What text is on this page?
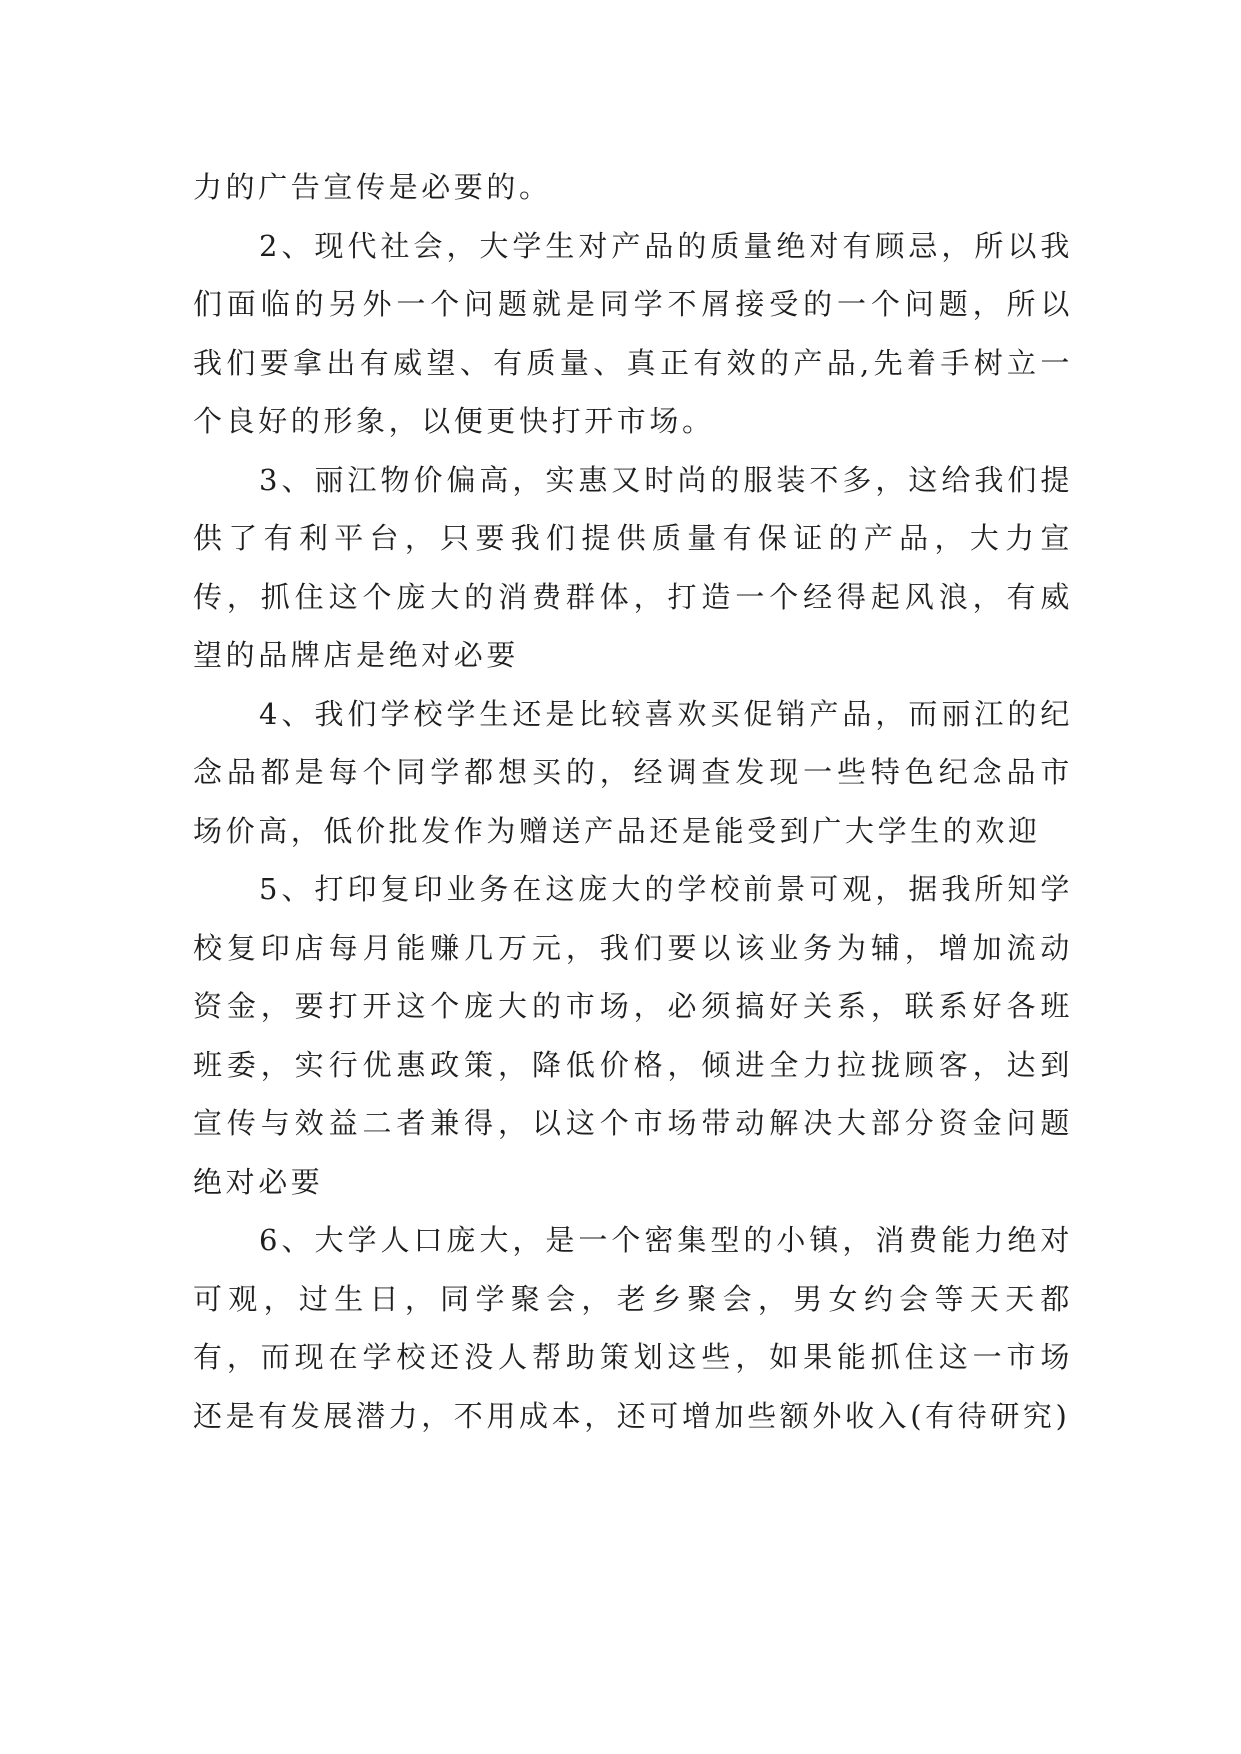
力的广告宣传是必要的。

2、现代社会，大学生对产品的质量绝对有顾忌，所以我们面临的另外一个问题就是同学不屑接受的一个问题，所以我们要拿出有威望、有质量、真正有效的产品,先着手树立一个良好的形象，以便更快打开市场。

3、丽江物价偏高，实惠又时尚的服装不多，这给我们提供了有利平台，只要我们提供质量有保证的产品，大力宣传，抓住这个庞大的消费群体，打造一个经得起风浪，有威望的品牌店是绝对必要

4、我们学校学生还是比较喜欢买促销产品，而丽江的纪念品都是每个同学都想买的，经调查发现一些特色纪念品市场价高，低价批发作为赠送产品还是能受到广大学生的欢迎

5、打印复印业务在这庞大的学校前景可观，据我所知学校复印店每月能赚几万元，我们要以该业务为辅，增加流动资金，要打开这个庞大的市场，必须搞好关系，联系好各班班委，实行优惠政策，降低价格，倾进全力拉拢顾客，达到宣传与效益二者兼得，以这个市场带动解决大部分资金问题绝对必要

6、大学人口庞大，是一个密集型的小镇，消费能力绝对可观，过生日，同学聚会，老乡聚会，男女约会等天天都有，而现在学校还没人帮助策划这些，如果能抓住这一市场还是有发展潜力，不用成本，还可增加些额外收入(有待研究)
